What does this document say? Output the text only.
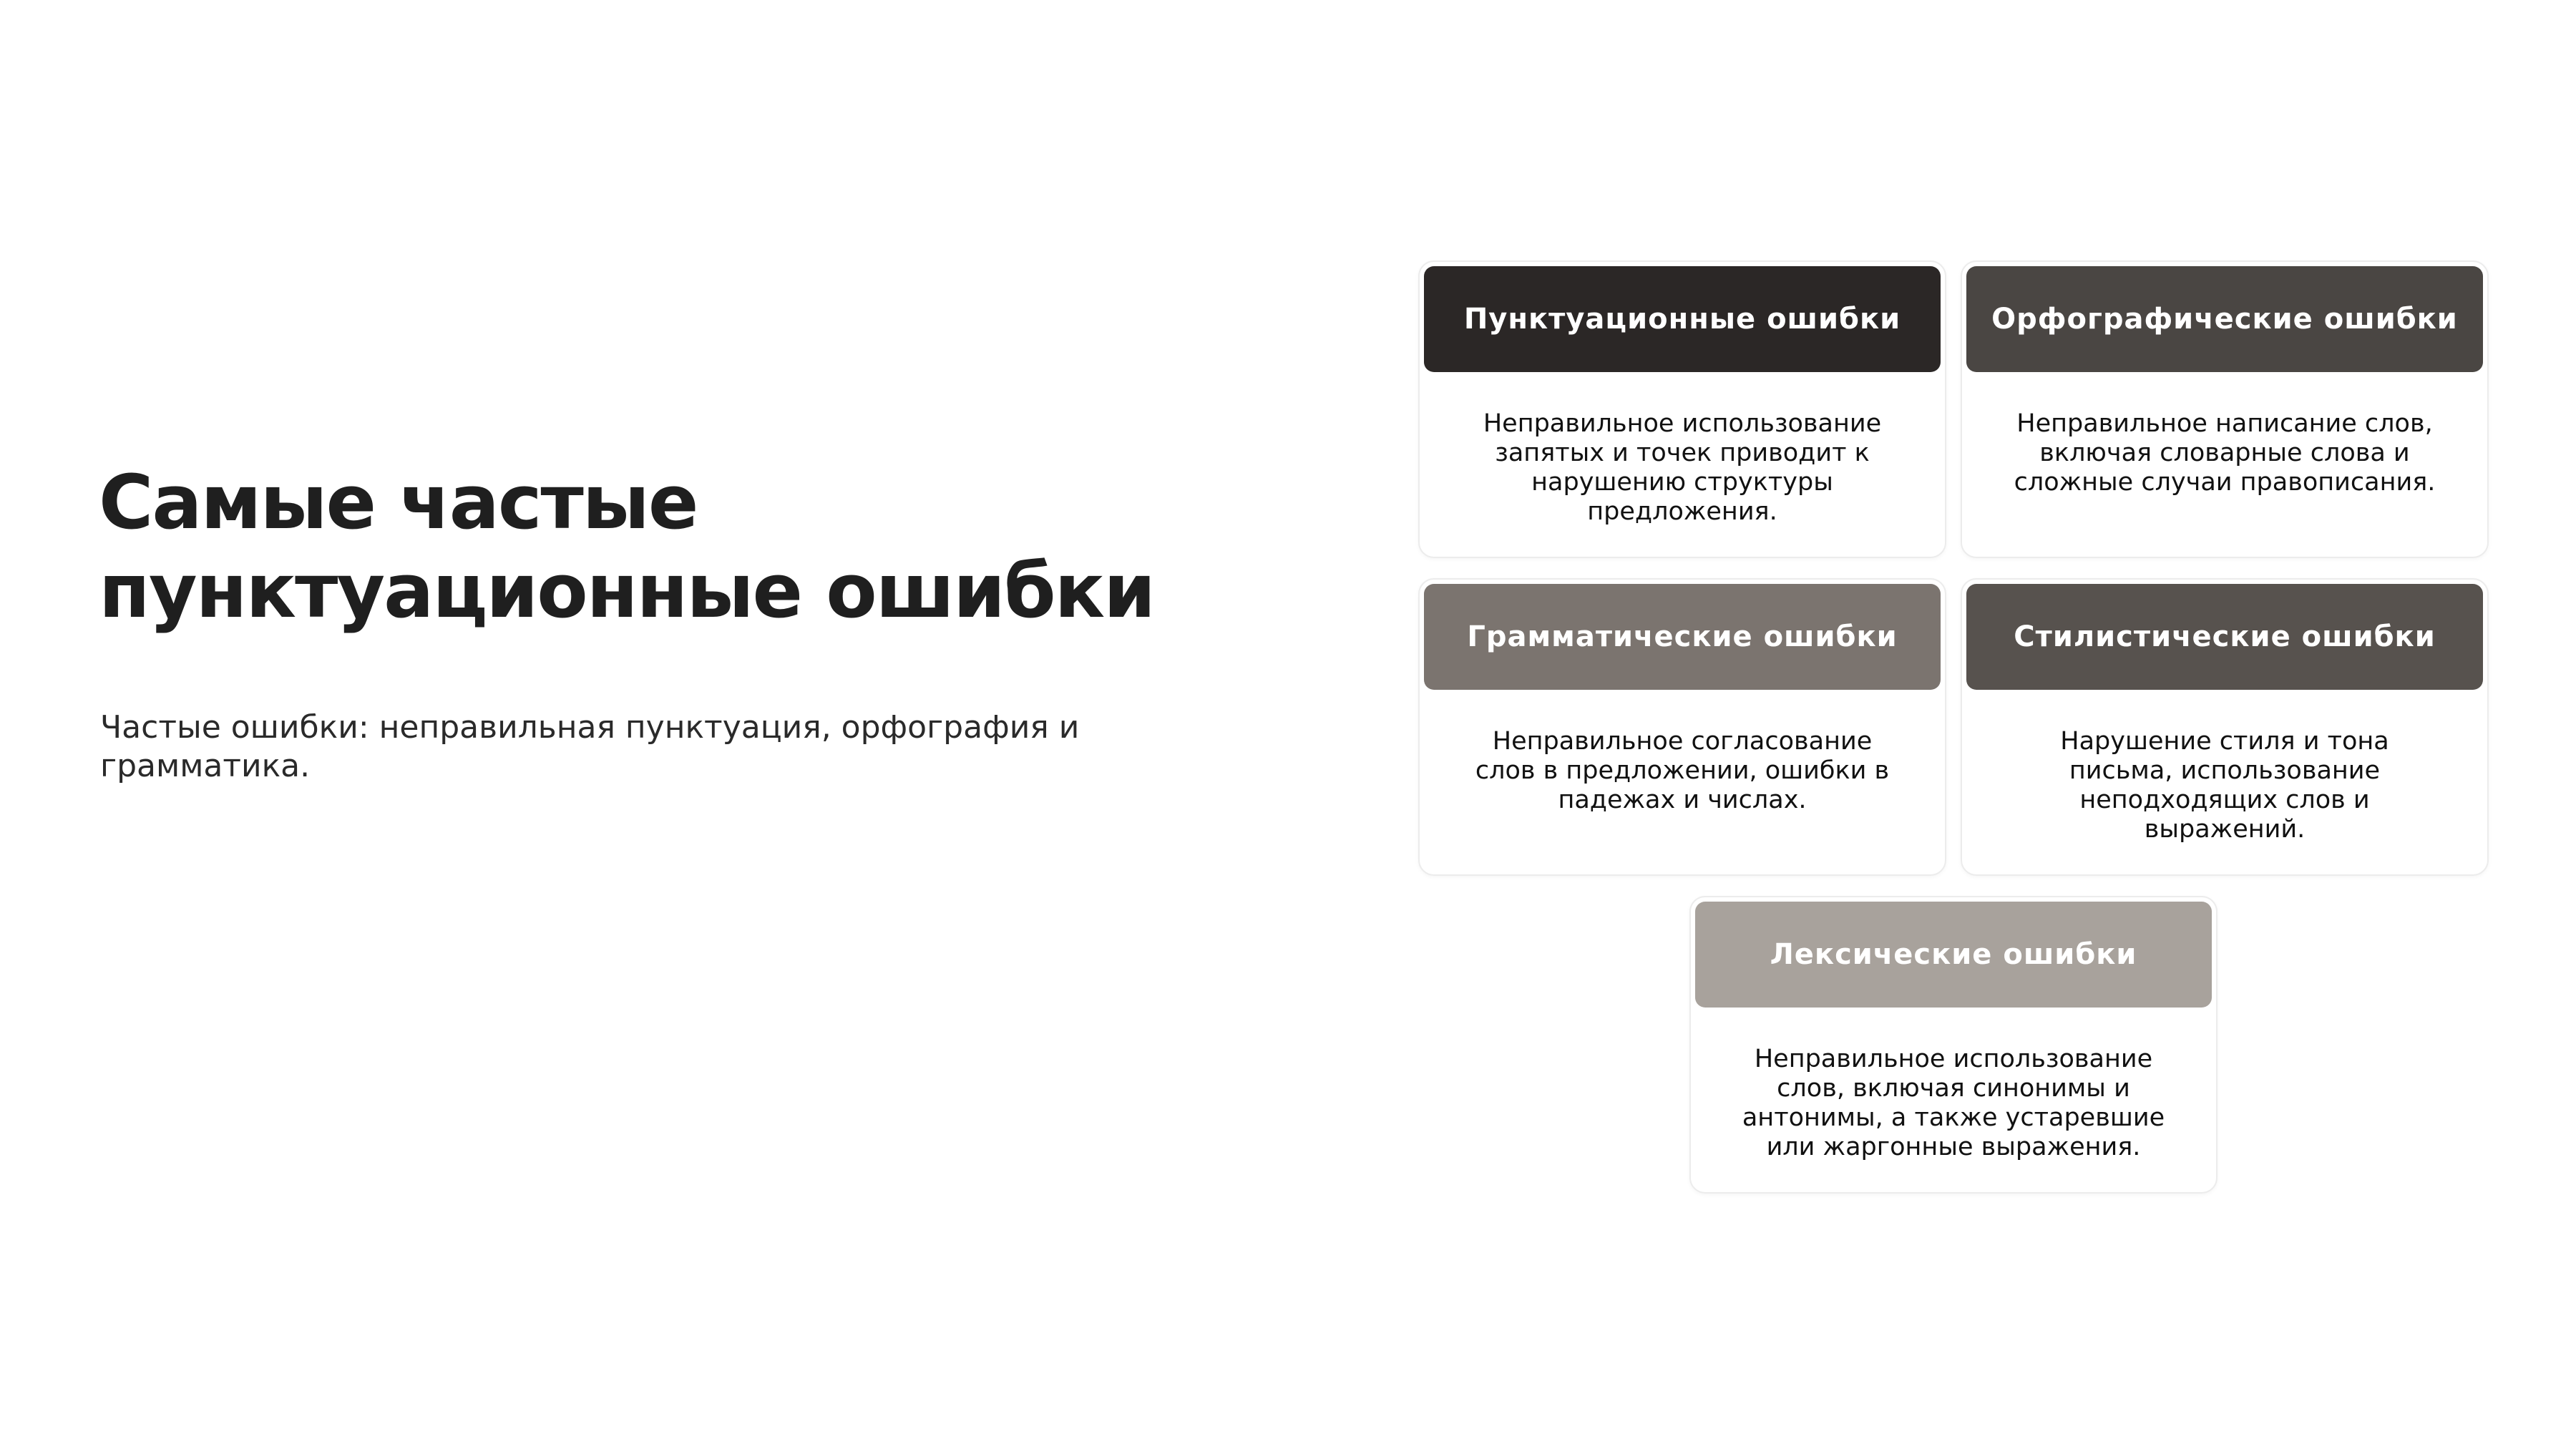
Самые частые пунктуационные ошибки

Частые ошибки: неправильная пунктуация, орфография и грамматика.

Пунктуационные ошибки
Неправильное использование запятых и точек приводит к нарушению структуры предложения.
Орфографические ошибки
Неправильное написание слов, включая словарные слова и сложные случаи правописания.
Грамматические ошибки
Неправильное согласование слов в предложении, ошибки в падежах и числах.
Стилистические ошибки
Нарушение стиля и тона письма, использование неподходящих слов и выражений.
Лексические ошибки
Неправильное использование слов, включая синонимы и антонимы, а также устаревшие или жаргонные выражения.
